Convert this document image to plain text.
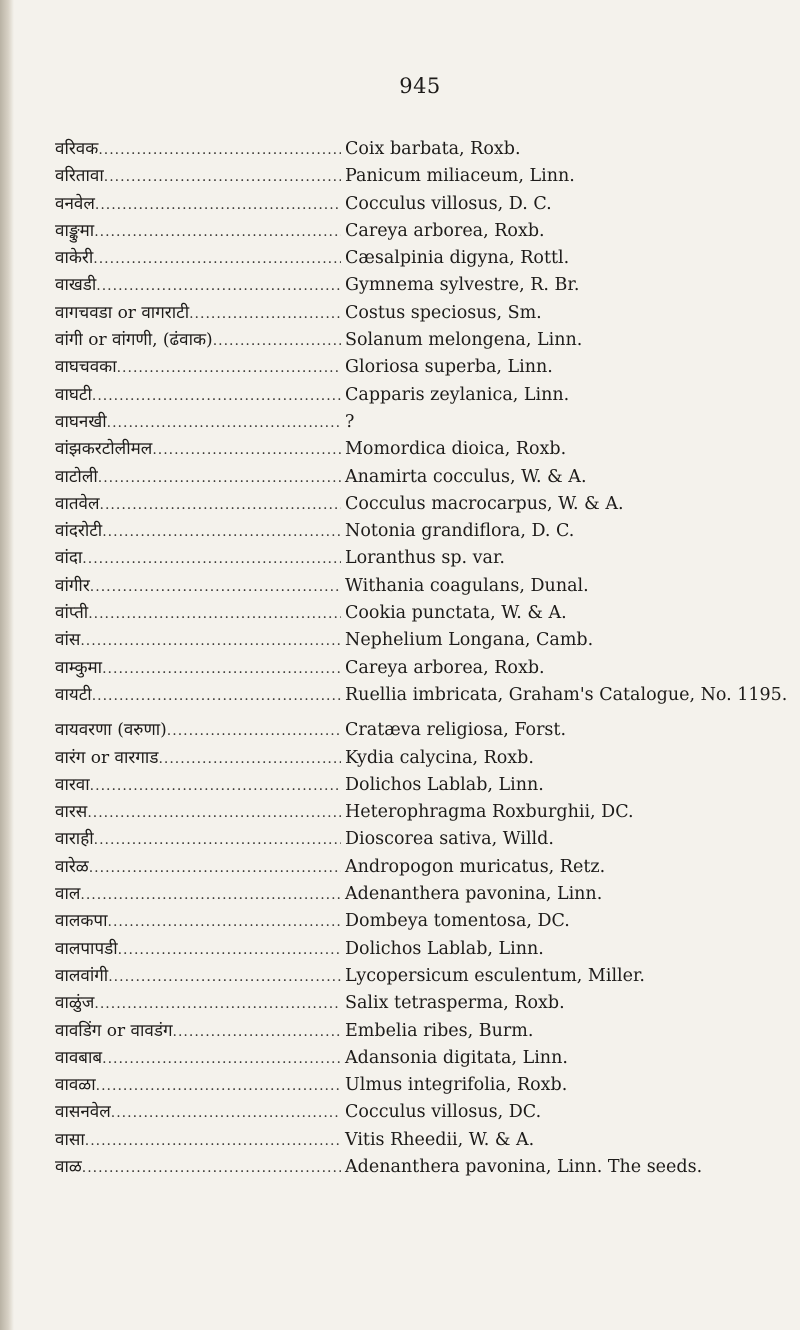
945
वरिवक .....	Coix barbata, Roxb.
वरितावा .....	Panicum miliaceum, Linn.
वनवेल .....	Cocculus villosus, D. C.
वाङ्कुमा .....	Careya arborea, Roxb.
वाकेरी .....	Cæsalpinia digyna, Rottl.
वाखडी .....	Gymnema sylvestre, R. Br.
वागचवडा or वागराटी .....	Costus speciosus, Sm.
वांगी or वांगणी, (ढंवाक) .....	Solanum melongena, Linn.
वाघचवका .....	Gloriosa superba, Linn.
वाघटी .....	Capparis zeylanica, Linn.
वाघनखी .....	?
वांझकरटोलीमल .....	Momordica dioica, Roxb.
वाटोली .....	Anamirta cocculus, W. & A.
वातवेल .....	Cocculus macrocarpus, W. & A.
वांदरोटी .....	Notonia grandiflora, D. C.
वांदा .....	Loranthus sp. var.
वांगीर .....	Withania coagulans, Dunal.
वांप्ती .....	Cookia punctata, W. & A.
वांस .....	Nephelium Longana, Camb.
वाम्कुमा .....	Careya arborea, Roxb.
वायटी .....	Ruellia imbricata, Graham's Catalogue, No. 1195.
वायवरणा (वरुणा) .....	Cratæva religiosa, Forst.
वारंग or वारगाड .....	Kydia calycina, Roxb.
वारवा .....	Dolichos Lablab, Linn.
वारस .....	Heterophragma Roxburghii, DC.
वाराही .....	Dioscorea sativa, Willd.
वारेळ .....	Andropogon muricatus, Retz.
वाल .....	Adenanthera pavonina, Linn.
वालकपा .....	Dombeya tomentosa, DC.
वालपापडी .....	Dolichos Lablab, Linn.
वालवांगी .....	Lycopersicum esculentum, Miller.
वाळुंज .....	Salix tetrasperma, Roxb.
वावडिंग or वावडंग .....	Embelia ribes, Burm.
वावबाब .....	Adansonia digitata, Linn.
वावळा .....	Ulmus integrifolia, Roxb.
वासनवेल .....	Cocculus villosus, DC.
वासा .....	Vitis Rheedii, W. & A.
वाळ .....	Adenanthera pavonina, Linn. The seeds.
